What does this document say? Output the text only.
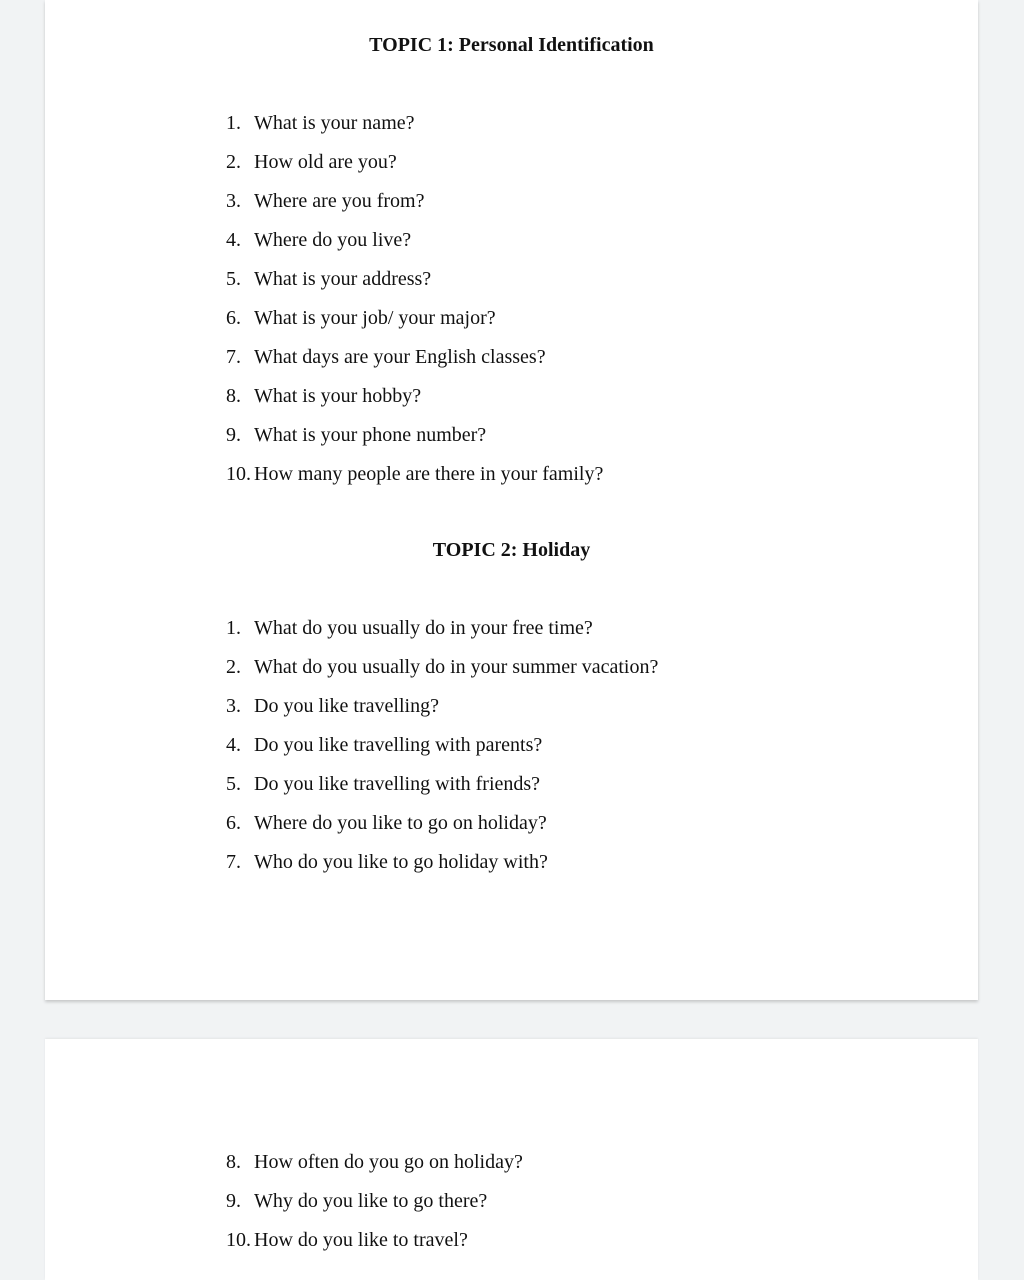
TOPIC 1: Personal Identification
1. What is your name?
2. How old are you?
3. Where are you from?
4. Where do you live?
5. What is your address?
6. What is your job/ your major?
7. What days are your English classes?
8. What is your hobby?
9. What is your phone number?
10. How many people are there in your family?
TOPIC 2: Holiday
1. What do you usually do in your free time?
2. What do you usually do in your summer vacation?
3. Do you like travelling?
4. Do you like travelling with parents?
5. Do you like travelling with friends?
6. Where do you like to go on holiday?
7. Who do you like to go holiday with?
8. How often do you go on holiday?
9. Why do you like to go there?
10. How do you like to travel?
